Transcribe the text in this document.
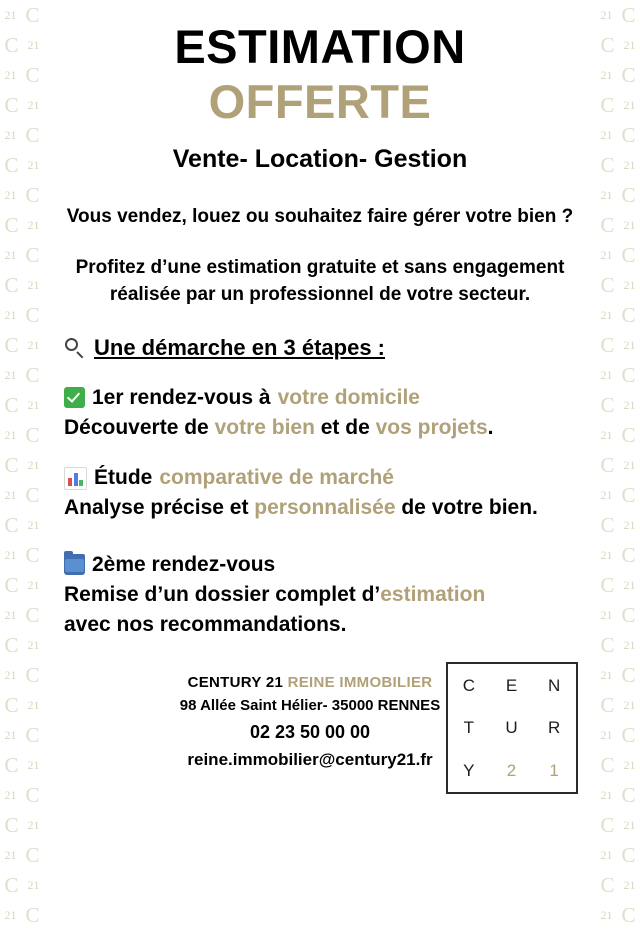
21 C
C 21
21 C
C 21
21 C
C 21
21 C
C 21
21 C
C 21
21 C
C 21
21 C
C 21
21 C
C 21
21 C
C 21
21 C
C 21
21 C
C 21
21 C
C 21
21 C
C 21
21 C
C 21
21 C
C 21
21 C
21 C
C 21
21 C
C 21
21 C
C 21
21 C
C 21
21 C
C 21
21 C
C 21
21 C
C 21
21 C
C 21
21 C
C 21
21 C
C 21
21 C
C 21
21 C
C 21
21 C
C 21
21 C
C 21
21 C
C 21
21 C
ESTIMATION
OFFERTE
Vente- Location- Gestion
Vous vendez, louez ou souhaitez faire gérer votre bien ?
Profitez d’une estimation gratuite et sans engagement
réalisée par un professionnel de votre secteur.
Une démarche en 3 étapes :
1er rendez-vous à votre domicile
Découverte de votre bien et de vos projets.
Étude comparative de marché
Analyse précise et personnalisée de votre bien.
2ème rendez-vous
Remise d’un dossier complet d’estimation
avec nos recommandations.
CENTURY 21 REINE IMMOBILIER
98 Allée Saint Hélier- 35000 RENNES
02 23 50 00 00
reine.immobilier@century21.fr
C E N
T U R
Y 2 1
